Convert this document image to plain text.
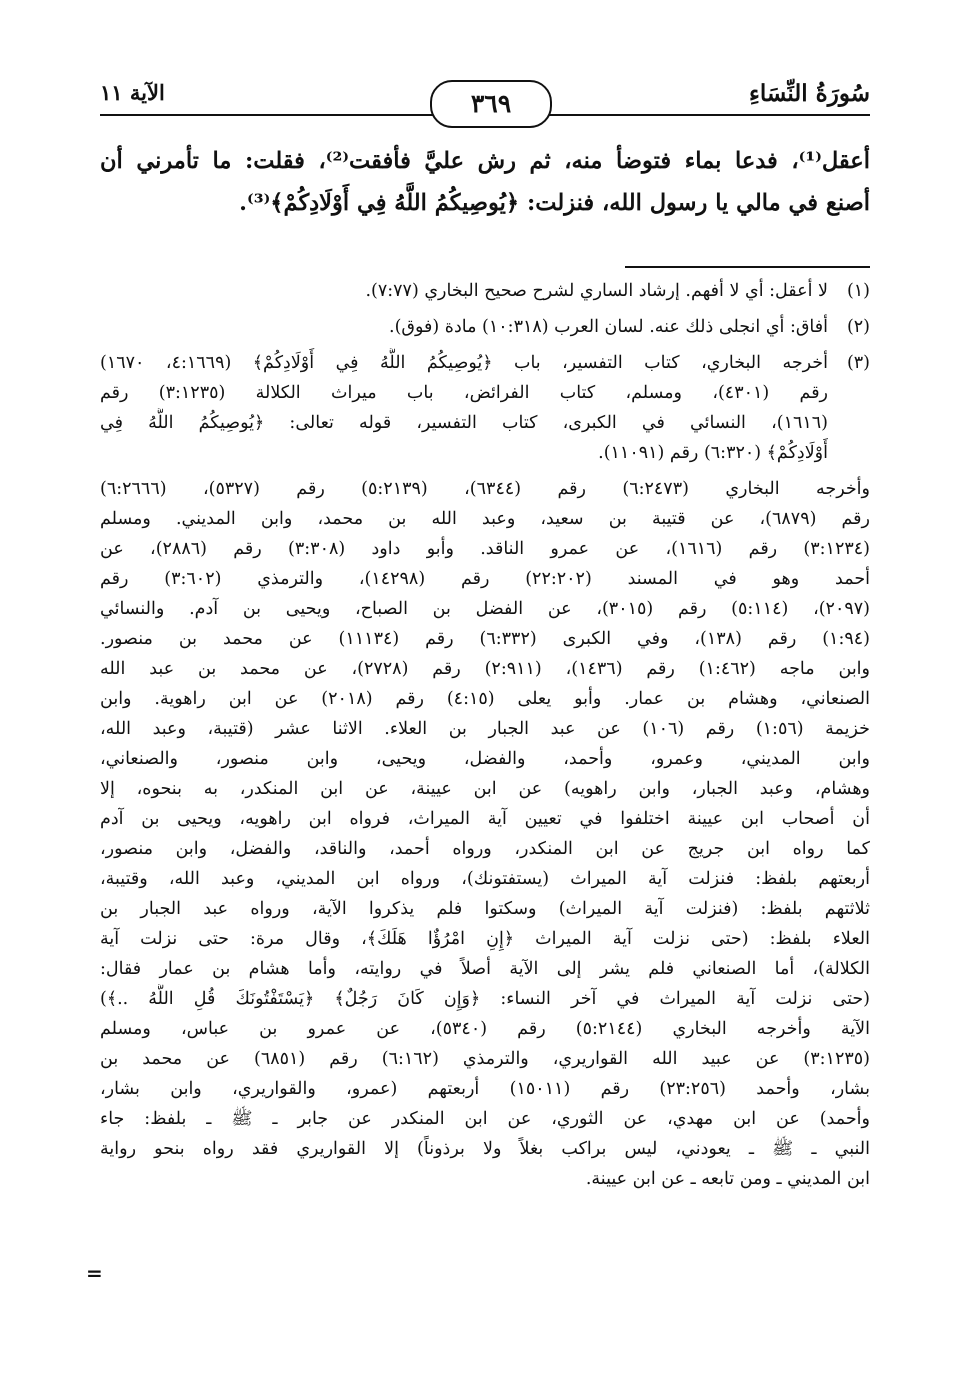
سُورَةُ النِّسَاءِ
٣٦٩
الآية ١١
أعقل⁽¹⁾، فدعا بماء فتوضأ منه، ثم رش عليَّ فأفقت⁽²⁾، فقلت: ما تأمرني أن
أصنع في مالي يا رسول الله، فنزلت: ﴿يُوصِيكُمُ اللَّهُ فِي أَوْلَادِكُمْ﴾⁽³⁾.
(١)
لا أعقل: أي لا أفهم. إرشاد الساري لشرح صحيح البخاري (٧:٧٧).
(٢)
أفاق: أي انجلى ذلك عنه. لسان العرب (١٠:٣١٨) مادة (فوق).
(٣)
أخرجه البخاري، كتاب التفسير، باب ﴿يُوصِيكُمُ اللَّهُ فِي أَوْلَادِكُمْ﴾ (٤:١٦٦٩، ١٦٧٠)
رقم (٤٣٠١)، ومسلم، كتاب الفرائض، باب ميراث الكلالة (٣:١٢٣٥) رقم
(١٦١٦)، النسائي في الكبرى، كتاب التفسير، قوله تعالى: ﴿يُوصِيكُمُ اللَّهُ فِي
أَوْلَادِكُمْ﴾ (٦:٣٢٠) رقم (١١٠٩١).
وأخرجه البخاري (٦:٢٤٧٣) رقم (٦٣٤٤)، (٥:٢١٣٩) رقم (٥٣٢٧)، (٦:٢٦٦٦)
رقم (٦٨٧٩)، عن قتيبة بن سعيد، وعبد الله بن محمد، وابن المديني. ومسلم
(٣:١٢٣٤) رقم (١٦١٦)، عن عمرو الناقد. وأبو داود (٣:٣٠٨) رقم (٢٨٨٦)، عن
أحمد وهو في المسند (٢٢:٢٠٢) رقم (١٤٢٩٨)، والترمذي (٣:٦٠٢) رقم
(٢٠٩٧)، (٥:١١٤) رقم (٣٠١٥)، عن الفضل بن الصباح، ويحيى بن آدم. والنسائي
(١:٩٤) رقم (١٣٨)، وفي الكبرى (٦:٣٣٢) رقم (١١١٣٤) عن محمد بن منصور.
وابن ماجه (١:٤٦٢) رقم (١٤٣٦)، (٢:٩١١) رقم (٢٧٢٨)، عن محمد بن عبد الله
الصنعاني، وهشام بن عمار. وأبو يعلى (٤:١٥) رقم (٢٠١٨) عن ابن راهوية. وابن
خزيمة (١:٥٦) رقم (١٠٦) عن عبد الجبار بن العلاء. الاثنا عشر (قتيبة، وعبد الله،
وابن المديني، وعمرو، وأحمد، والفضل، ويحيى، وابن منصور، والصنعاني،
وهشام، وعبد الجبار، وابن راهويه) عن ابن عيينة، عن ابن المنكدر، به بنحوه، إلا
أن أصحاب ابن عيينة اختلفوا في تعيين آية الميراث، فرواه ابن راهويه، ويحيى بن آدم
كما رواه ابن جريج عن ابن المنكدر، ورواه أحمد، والناقد، والفضل، وابن منصور،
أربعتهم بلفظ: فنزلت آية الميراث (يستفتونك)، ورواه ابن المديني، وعبد الله، وقتيبة،
ثلاثتهم بلفظ: (فنزلت آية الميراث) وسكتوا فلم يذكروا الآية، ورواه عبد الجبار بن
العلاء بلفظ: (حتى نزلت آية الميراث ﴿إِنِ امْرُؤٌا هَلَكَ﴾، وقال مرة: حتى نزلت آية
الكلالة)، أما الصنعاني فلم يشر إلى الآية أصلاً في روايته، وأما هشام بن عمار فقال:
(حتى نزلت آية الميراث في آخر النساء: ﴿وَإِن كَانَ رَجُلٌ﴾ ﴿يَسْتَفْتُونَكَ قُلِ اللَّهُ ..﴾)
الآية وأخرجه البخاري (٥:٢١٤٤) رقم (٥٣٤٠)، عن عمرو بن عباس، ومسلم
(٣:١٢٣٥) عن عبيد الله القواريري، والترمذي (٦:١٦٢) رقم (٦٨٥١) عن محمد بن
بشار، وأحمد (٢٣:٢٥٦) رقم (١٥٠١١) أربعتهم (عمرو، والقواريري، وابن بشار،
وأحمد) عن ابن مهدي، عن الثوري، عن ابن المنكدر عن جابر ـ ﷺ ـ بلفظ: جاء
النبي ـ ﷺ ـ يعودني، ليس براكب بغلاً ولا برذوناً) إلا القواريري فقد رواه بنحو رواية
ابن المديني ـ ومن تابعه ـ عن ابن عيينة.
=
